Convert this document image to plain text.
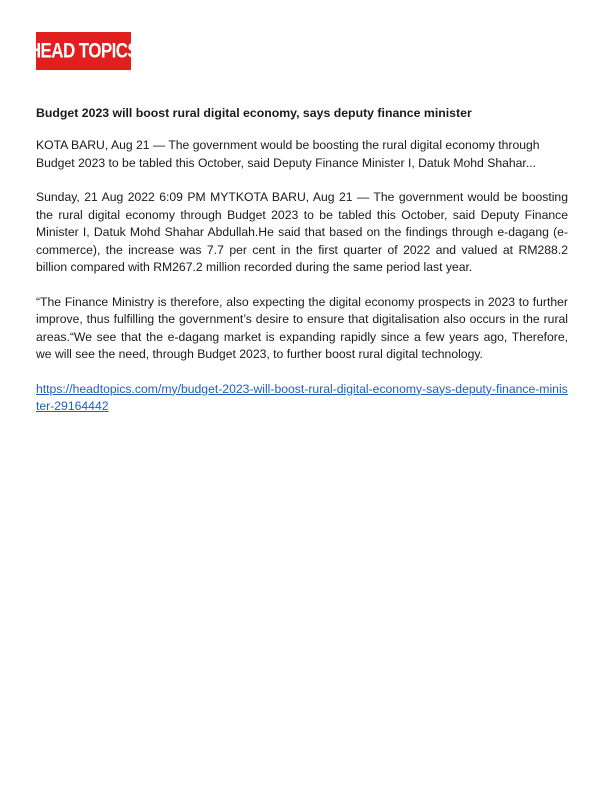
HEAD TOPICS
Budget 2023 will boost rural digital economy, says deputy finance minister
KOTA BARU, Aug 21 — The government would be boosting the rural digital economy through Budget 2023 to be tabled this October, said Deputy Finance Minister I, Datuk Mohd Shahar...
Sunday, 21 Aug 2022 6:09 PM MYTKOTA BARU, Aug 21 — The government would be boosting the rural digital economy through Budget 2023 to be tabled this October, said Deputy Finance Minister I, Datuk Mohd Shahar Abdullah.He said that based on the findings through e-dagang (e-commerce), the increase was 7.7 per cent in the first quarter of 2022 and valued at RM288.2 billion compared with RM267.2 million recorded during the same period last year.
“The Finance Ministry is therefore, also expecting the digital economy prospects in 2023 to further improve, thus fulfilling the government’s desire to ensure that digitalisation also occurs in the rural areas.“We see that the e-dagang market is expanding rapidly since a few years ago, Therefore, we will see the need, through Budget 2023, to further boost rural digital technology.
https://headtopics.com/my/budget-2023-will-boost-rural-digital-economy-says-deputy-finance-minister-29164442
